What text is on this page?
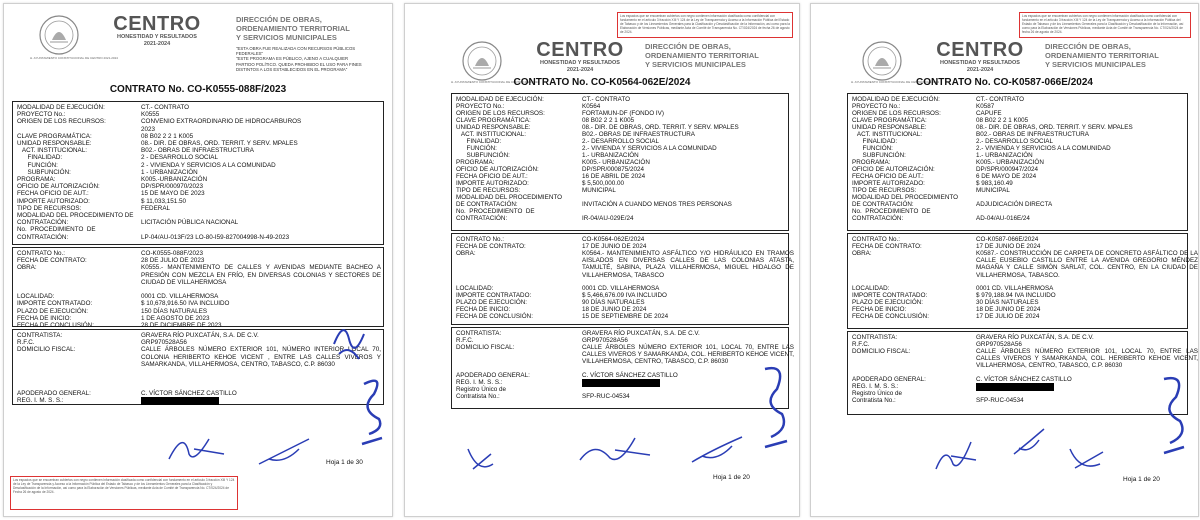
H. AYUNTAMIENTO CONSTITUCIONAL DE CENTRO 2021-2024
CENTRO
HONESTIDAD Y RESULTADOS
2021-2024
DIRECCIÓN DE OBRAS,
ORDENAMIENTO TERRITORIAL
Y SERVICIOS MUNICIPALES
"ESTA OBRA FUE REALIZADA CON RECURSOS PÚBLICOS
FEDERALES"
"ESTE PROGRAMA ES PÚBLICO, AJENO A CUALQUIER
PARTIDO POLÍTICO. QUEDA PROHIBIDO EL USO PARA FINES
DISTINTOS A LOS ESTABLECIDOS EN EL PROGRAMA"
CONTRATO No. CO-K0555-088F/2023
MODALIDAD DE EJECUCIÓN:	CT.- CONTRATO
PROYECTO No.:	K0555
ORIGEN DE LOS RECURSOS:	CONVENIO EXTRAORDINARIO DE HIDROCARBUROS
2023
CLAVE PROGRAMÁTICA:	08 B02 2 2 1 K005
UNIDAD RESPONSABLE:	08.- DIR. DE OBRAS, ORD. TERRIT. Y SERV. MPALES
ACT. INSTITUCIONAL:	B02.- OBRAS DE INFRAESTRUCTURA
FINALIDAD:	2 - DESARROLLO SOCIAL
FUNCIÓN:	2 - VIVIENDA Y SERVICIOS A LA COMUNIDAD
SUBFUNCIÓN:	1 - URBANIZACIÓN
PROGRAMA:	K005.-URBANIZACIÓN
OFICIO DE AUTORIZACIÓN:	DP/SPR/000970/2023
FECHA OFICIO DE AUT.:	15 DE MAYO DE 2023
IMPORTE AUTORIZADO:	$ 11,033,151.50
TIPO DE RECURSOS:	FEDERAL
MODALIDAD DEL PROCEDIMIENTO DE
CONTRATACIÓN:	LICITACIÓN PÚBLICA NACIONAL
No.  PROCEDIMIENTO  DE
CONTRATACIÓN:	LP-04/AU-013F/23 LO-80-I59-827004998-N-49-2023
CONTRATO No.:	CO-K0555-088F/2023
FECHA DE CONTRATO:	28 DE JULIO DE 2023
OBRA:	K0555.- MANTENIMIENTO DE CALLES Y AVENIDAS MEDIANTE BACHEO A PRESIÓN CON MEZCLA EN FRÍO, EN DIVERSAS COLONIAS Y SECTORES DE CIUDAD DE VILLAHERMOSA
LOCALIDAD:	0001 CD. VILLAHERMOSA
IMPORTE CONTRATADO:	$ 10,678,916.50 IVA INCLUIDO
PLAZO DE EJECUCIÓN:	150 DÍAS NATURALES
FECHA DE INICIO:	1 DE AGOSTO DE 2023
FECHA DE CONCLUSIÓN:	28 DE DICIEMBRE DE 2023
CONTRATISTA:	GRAVERA RÍO PUXCATÁN, S.A. DE C.V.
R.F.C.	GRP970528A56
DOMICILIO FISCAL:	CALLE ÁRBOLES NÚMERO EXTERIOR 101, NÚMERO INTERIOR LOCAL 70, COLONIA HERIBERTO KEHOE VICENT , ENTRE LAS CALLES VIVEROS Y SAMARKANDA, VILLAHERMOSA, CENTRO, TABASCO, C.P. 86030
APODERADO GENERAL:	C. VÍCTOR SÁNCHEZ CASTILLO
REG. I. M. S. S.:
Hoja 1 de 30
Los espacios que se encuentran cubiertos con negro contienen información clasificada como confidencial con fundamento en el artículo 3 fracción XIII Y 124 de la Ley de Transparencia y Acceso a la Información Pública del Estado de Tabasco y de los Lineamientos Generales para la Clasificación y Desclasificación de la Información, así como para la Elaboración de Versiones Públicas, mediante Acta de Comité de Transparencia No. CT/024/2024 de Fecha 26 de agosto de 2024.
Los espacios que se encuentran cubiertos con negro contienen información clasificada como confidencial con fundamento en el artículo 3 fracción XIII Y 124 de la Ley de Transparencia y Acceso a la Información Pública del Estado de Tabasco y de los Lineamientos Generales para la Clasificación y Desclasificación de la Información, así como para la Elaboración de Versiones Públicas, mediante Acta de Comité de Transparencia No. CT/024/2024 de fecha 26 de agosto de 2024.
H. AYUNTAMIENTO CONSTITUCIONAL DE CENTRO 2021-2024
CENTRO
HONESTIDAD Y RESULTADOS
2021-2024
DIRECCIÓN DE OBRAS,
ORDENAMIENTO TERRITORIAL
Y SERVICIOS MUNICIPALES
CONTRATO No. CO-K0564-062E/2024
MODALIDAD DE EJECUCIÓN:	CT.- CONTRATO
PROYECTO No.:	K0564
ORIGEN DE LOS RECURSOS:	FORTAMUN-DF (FONDO IV)
CLAVE PROGRAMÁTICA:	08 B02 2 2 1 K005
UNIDAD RESPONSABLE:	08.- DIR. DE OBRAS, ORD. TERRIT. Y SERV. MPALES
ACT. INSTITUCIONAL:	B02.- OBRAS DE INFRAESTRUCTURA
FINALIDAD:	2.- DESARROLLO SOCIAL
FUNCIÓN:	2.- VIVIENDA Y SERVICIOS A LA COMUNIDAD
SUBFUNCIÓN:	1.- URBANIZACIÓN
PROGRAMA:	K005.- URBANIZACIÓN
OFICIO DE AUTORIZACIÓN:	DP/SPR/000875/2024
FECHA OFICIO DE AUT.:	16 DE ABRIL DE 2024
IMPORTE AUTORIZADO:	$ 5,500,000.00
TIPO DE RECURSOS:	MUNICIPAL
MODALIDAD DEL PROCEDIMIENTO
DE CONTRATACIÓN:	INVITACIÓN A CUANDO MENOS TRES PERSONAS
No.  PROCEDIMIENTO  DE
CONTRATACIÓN:	IR-04/AU-029E/24
CONTRATO No.:	CO-K0564-062E/2024
FECHA DE CONTRATO:	17 DE JUNIO DE 2024
OBRA:	K0564.- MANTENIMIENTO ASFÁLTICO Y/O HIDRÁULICO EN TRAMOS AISLADOS EN DIVERSAS CALLES DE LAS COLONIAS ATASTA, TAMULTÉ, SABINA, PLAZA VILLAHERMOSA, MIGUEL HIDALGO DE VILLAHERMOSA, TABASCO
LOCALIDAD:	0001 CD. VILLAHERMOSA
IMPORTE CONTRATADO:	$ 5,466,676.09 IVA INCLUIDO
PLAZO DE EJECUCIÓN:	90 DÍAS NATURALES
FECHA DE INICIO:	18 DE JUNIO DE 2024
FECHA DE CONCLUSIÓN:	15 DE SEPTIEMBRE DE 2024
CONTRATISTA:	GRAVERA RÍO PUXCATÁN, S.A. DE C.V.
R.F.C.	GRP970528A56
DOMICILIO FISCAL:	CALLE ÁRBOLES NÚMERO EXTERIOR 101, LOCAL 70, ENTRE LAS CALLES VIVEROS Y SAMARKANDA, COL. HERIBERTO KEHOE VICENT, VILLAHERMOSA, CENTRO, TABASCO, C.P. 86030
APODERADO GENERAL:	C. VÍCTOR SÁNCHEZ CASTILLO
REG. I. M. S. S.:
Registro Único de
Contratista No.:	SFP-RUC-04534
Hoja 1 de 20
Los espacios que se encuentran cubiertos con negro contienen información clasificada como confidencial con fundamento en el artículo 3 fracción XIII Y 124 de la Ley de Transparencia y Acceso a la Información Pública del Estado de Tabasco y de los Lineamientos Generales para la Clasificación y Desclasificación de la Información, así como para la Elaboración de Versiones Públicas, mediante Acta de Comité de Transparencia No. CT/024/2024 de fecha 26 de agosto de 2024.
H. AYUNTAMIENTO CONSTITUCIONAL DE CENTRO 2021-2024
CENTRO
HONESTIDAD Y RESULTADOS
2021-2024
DIRECCIÓN DE OBRAS,
ORDENAMIENTO TERRITORIAL
Y SERVICIOS MUNICIPALES
CONTRATO No. CO-K0587-066E/2024
MODALIDAD DE EJECUCIÓN:	CT.- CONTRATO
PROYECTO No.:	K0587
ORIGEN DE LOS RECURSOS:	CAPUFE
CLAVE PROGRAMÁTICA:	08 B02 2 2 1 K005
UNIDAD RESPONSABLE:	08.- DIR. DE OBRAS, ORD. TERRIT. Y SERV. MPALES
ACT. INSTITUCIONAL:	B02.- OBRAS DE INFRAESTRUCTURA
FINALIDAD:	2.- DESARROLLO SOCIAL
FUNCIÓN:	2.- VIVIENDA Y SERVICIOS A LA COMUNIDAD
SUBFUNCIÓN:	1.- URBANIZACIÓN
PROGRAMA:	K005.- URBANIZACIÓN
OFICIO DE AUTORIZACIÓN:	DP/SPR/000947/2024
FECHA OFICIO DE AUT.:	6 DE MAYO DE 2024
IMPORTE AUTORIZADO:	$ 983,160.49
TIPO DE RECURSOS:	MUNICIPAL
MODALIDAD DEL PROCEDIMIENTO
DE CONTRATACIÓN:	ADJUDICACIÓN DIRECTA
No.  PROCEDIMIENTO  DE
CONTRATACIÓN:	AD-04/AU-016E/24
CONTRATO No.:	CO-K0587-066E/2024
FECHA DE CONTRATO:	17 DE JUNIO DE 2024
OBRA:	K0587.- CONSTRUCCIÓN DE CARPETA DE CONCRETO ASFÁLTICO DE LA CALLE EUSEBIO CASTILLO ENTRE LA AVENIDA GREGORIO MÉNDEZ MAGAÑA Y CALLE SIMÓN SARLAT, COL. CENTRO, EN LA CIUDAD DE VILLAHERMOSA, TABASCO.
LOCALIDAD:	0001 CD. VILLAHERMOSA
IMPORTE CONTRATADO:	$ 979,188.94 IVA INCLUIDO
PLAZO DE EJECUCIÓN:	30 DÍAS NATURALES
FECHA DE INICIO:	18 DE JUNIO DE 2024
FECHA DE CONCLUSIÓN:	17 DE JULIO DE 2024
CONTRATISTA:	GRAVERA RÍO PUXCATÁN, S.A. DE C.V.
R.F.C.	GRP970528A56
DOMICILIO FISCAL:	CALLE ÁRBOLES NÚMERO EXTERIOR 101, LOCAL 70, ENTRE LAS CALLES VIVEROS Y SAMARKANDA, COL. HERIBERTO KEHOE VICENT, VILLAHERMOSA, CENTRO, TABASCO, C.P. 86030
APODERADO GENERAL:	C. VÍCTOR SÁNCHEZ CASTILLO
REG. I. M. S. S.:
Registro Único de
Contratista No.:	SFP-RUC-04534
Hoja 1 de 20
